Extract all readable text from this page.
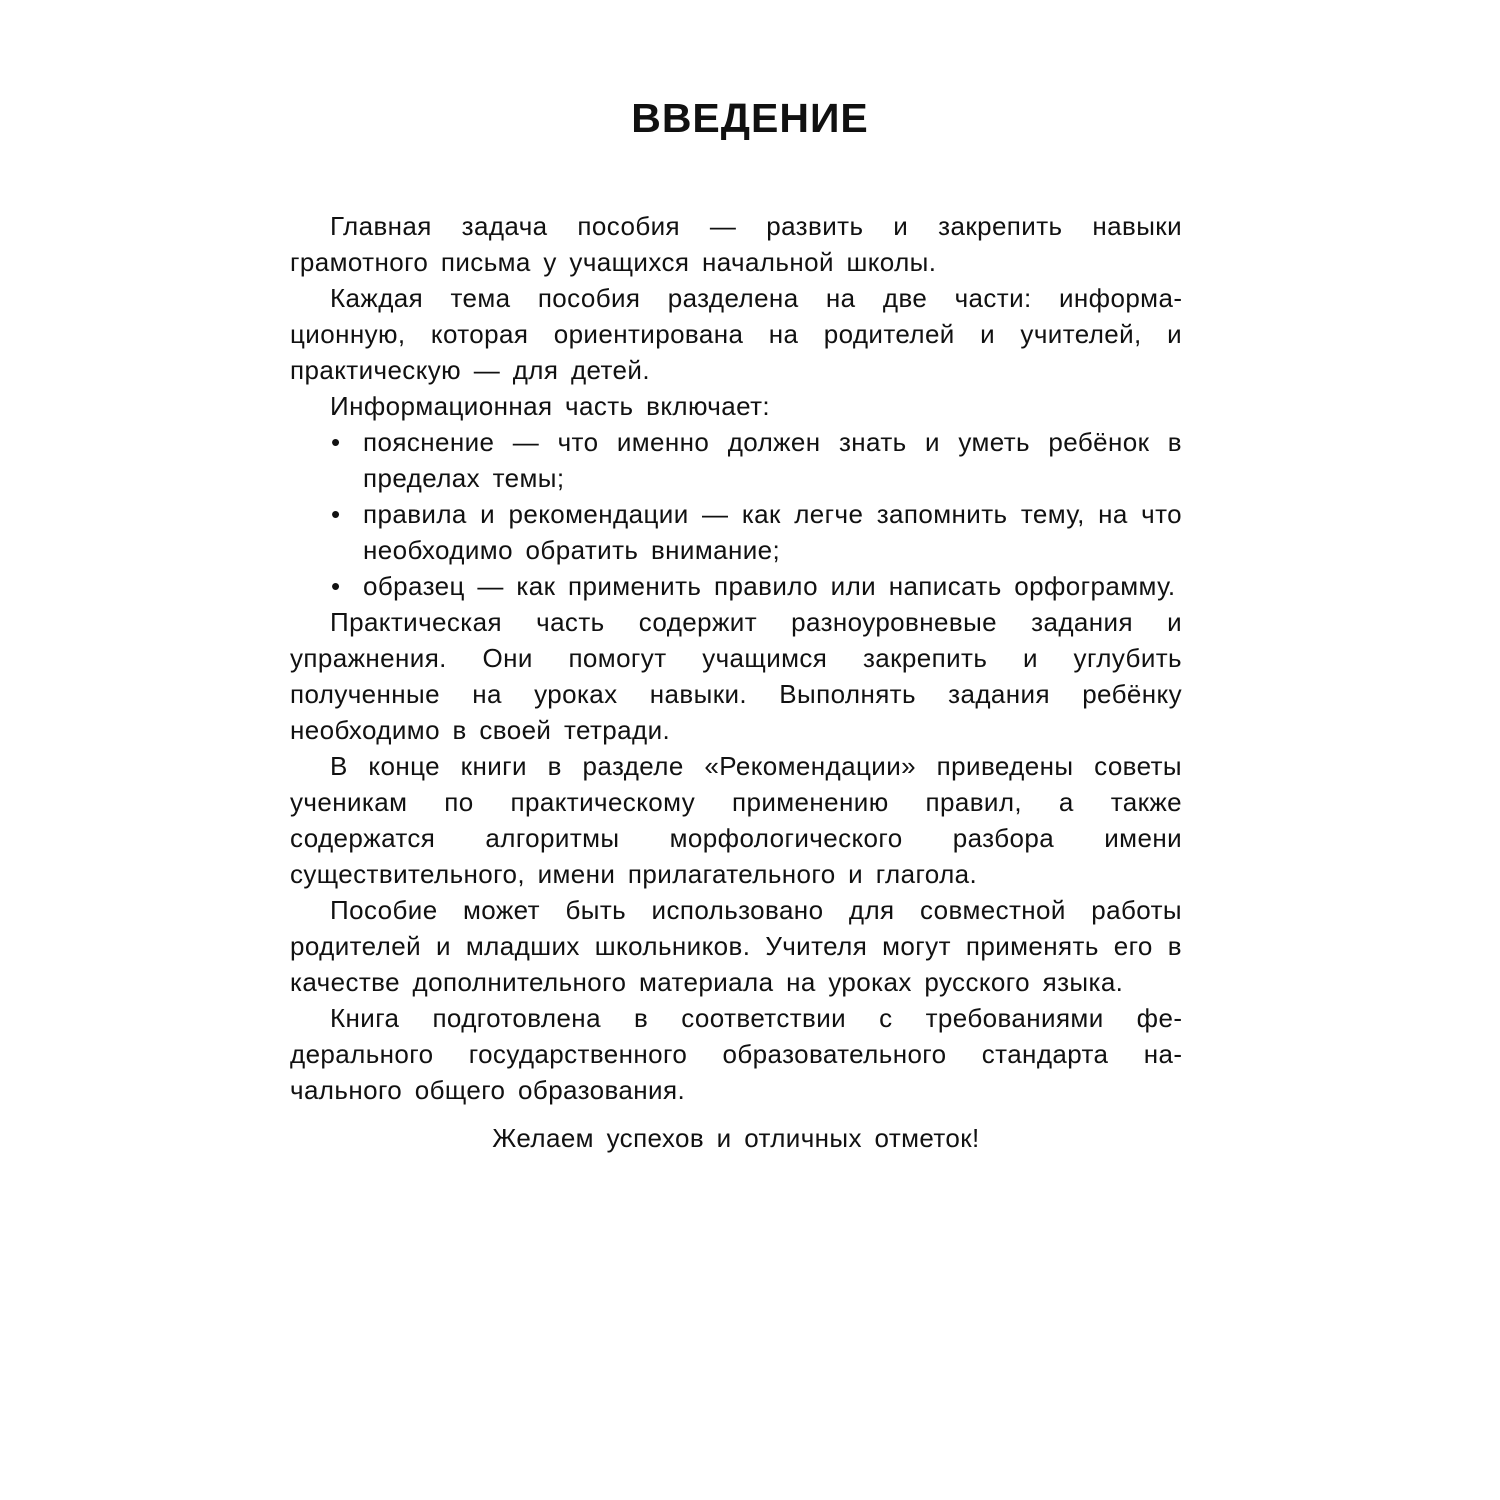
ВВЕДЕНИЕ

Главная задача пособия — развить и закрепить навыки грамотного письма у учащихся начальной школы.

Каждая тема пособия разделена на две части: информационную, которая ориентирована на родителей и учителей, и практическую — для детей.

Информационная часть включает:

• пояснение — что именно должен знать и уметь ребёнок в пределах темы;
• правила и рекомендации — как легче запомнить тему, на что необходимо обратить внимание;
• образец — как применить правило или написать орфограмму.

Практическая часть содержит разноуровневые задания и упражнения. Они помогут учащимся закрепить и углубить полученные на уроках навыки. Выполнять задания ребёнку необходимо в своей тетради.

В конце книги в разделе «Рекомендации» приведены советы ученикам по практическому применению правил, а также содержатся алгоритмы морфологического разбора имени существительного, имени прилагательного и глагола.

Пособие может быть использовано для совместной работы родителей и младших школьников. Учителя могут применять его в качестве дополнительного материала на уроках русского языка.

Книга подготовлена в соответствии с требованиями федерального государственного образовательного стандарта начального общего образования.

Желаем успехов и отличных отметок!
